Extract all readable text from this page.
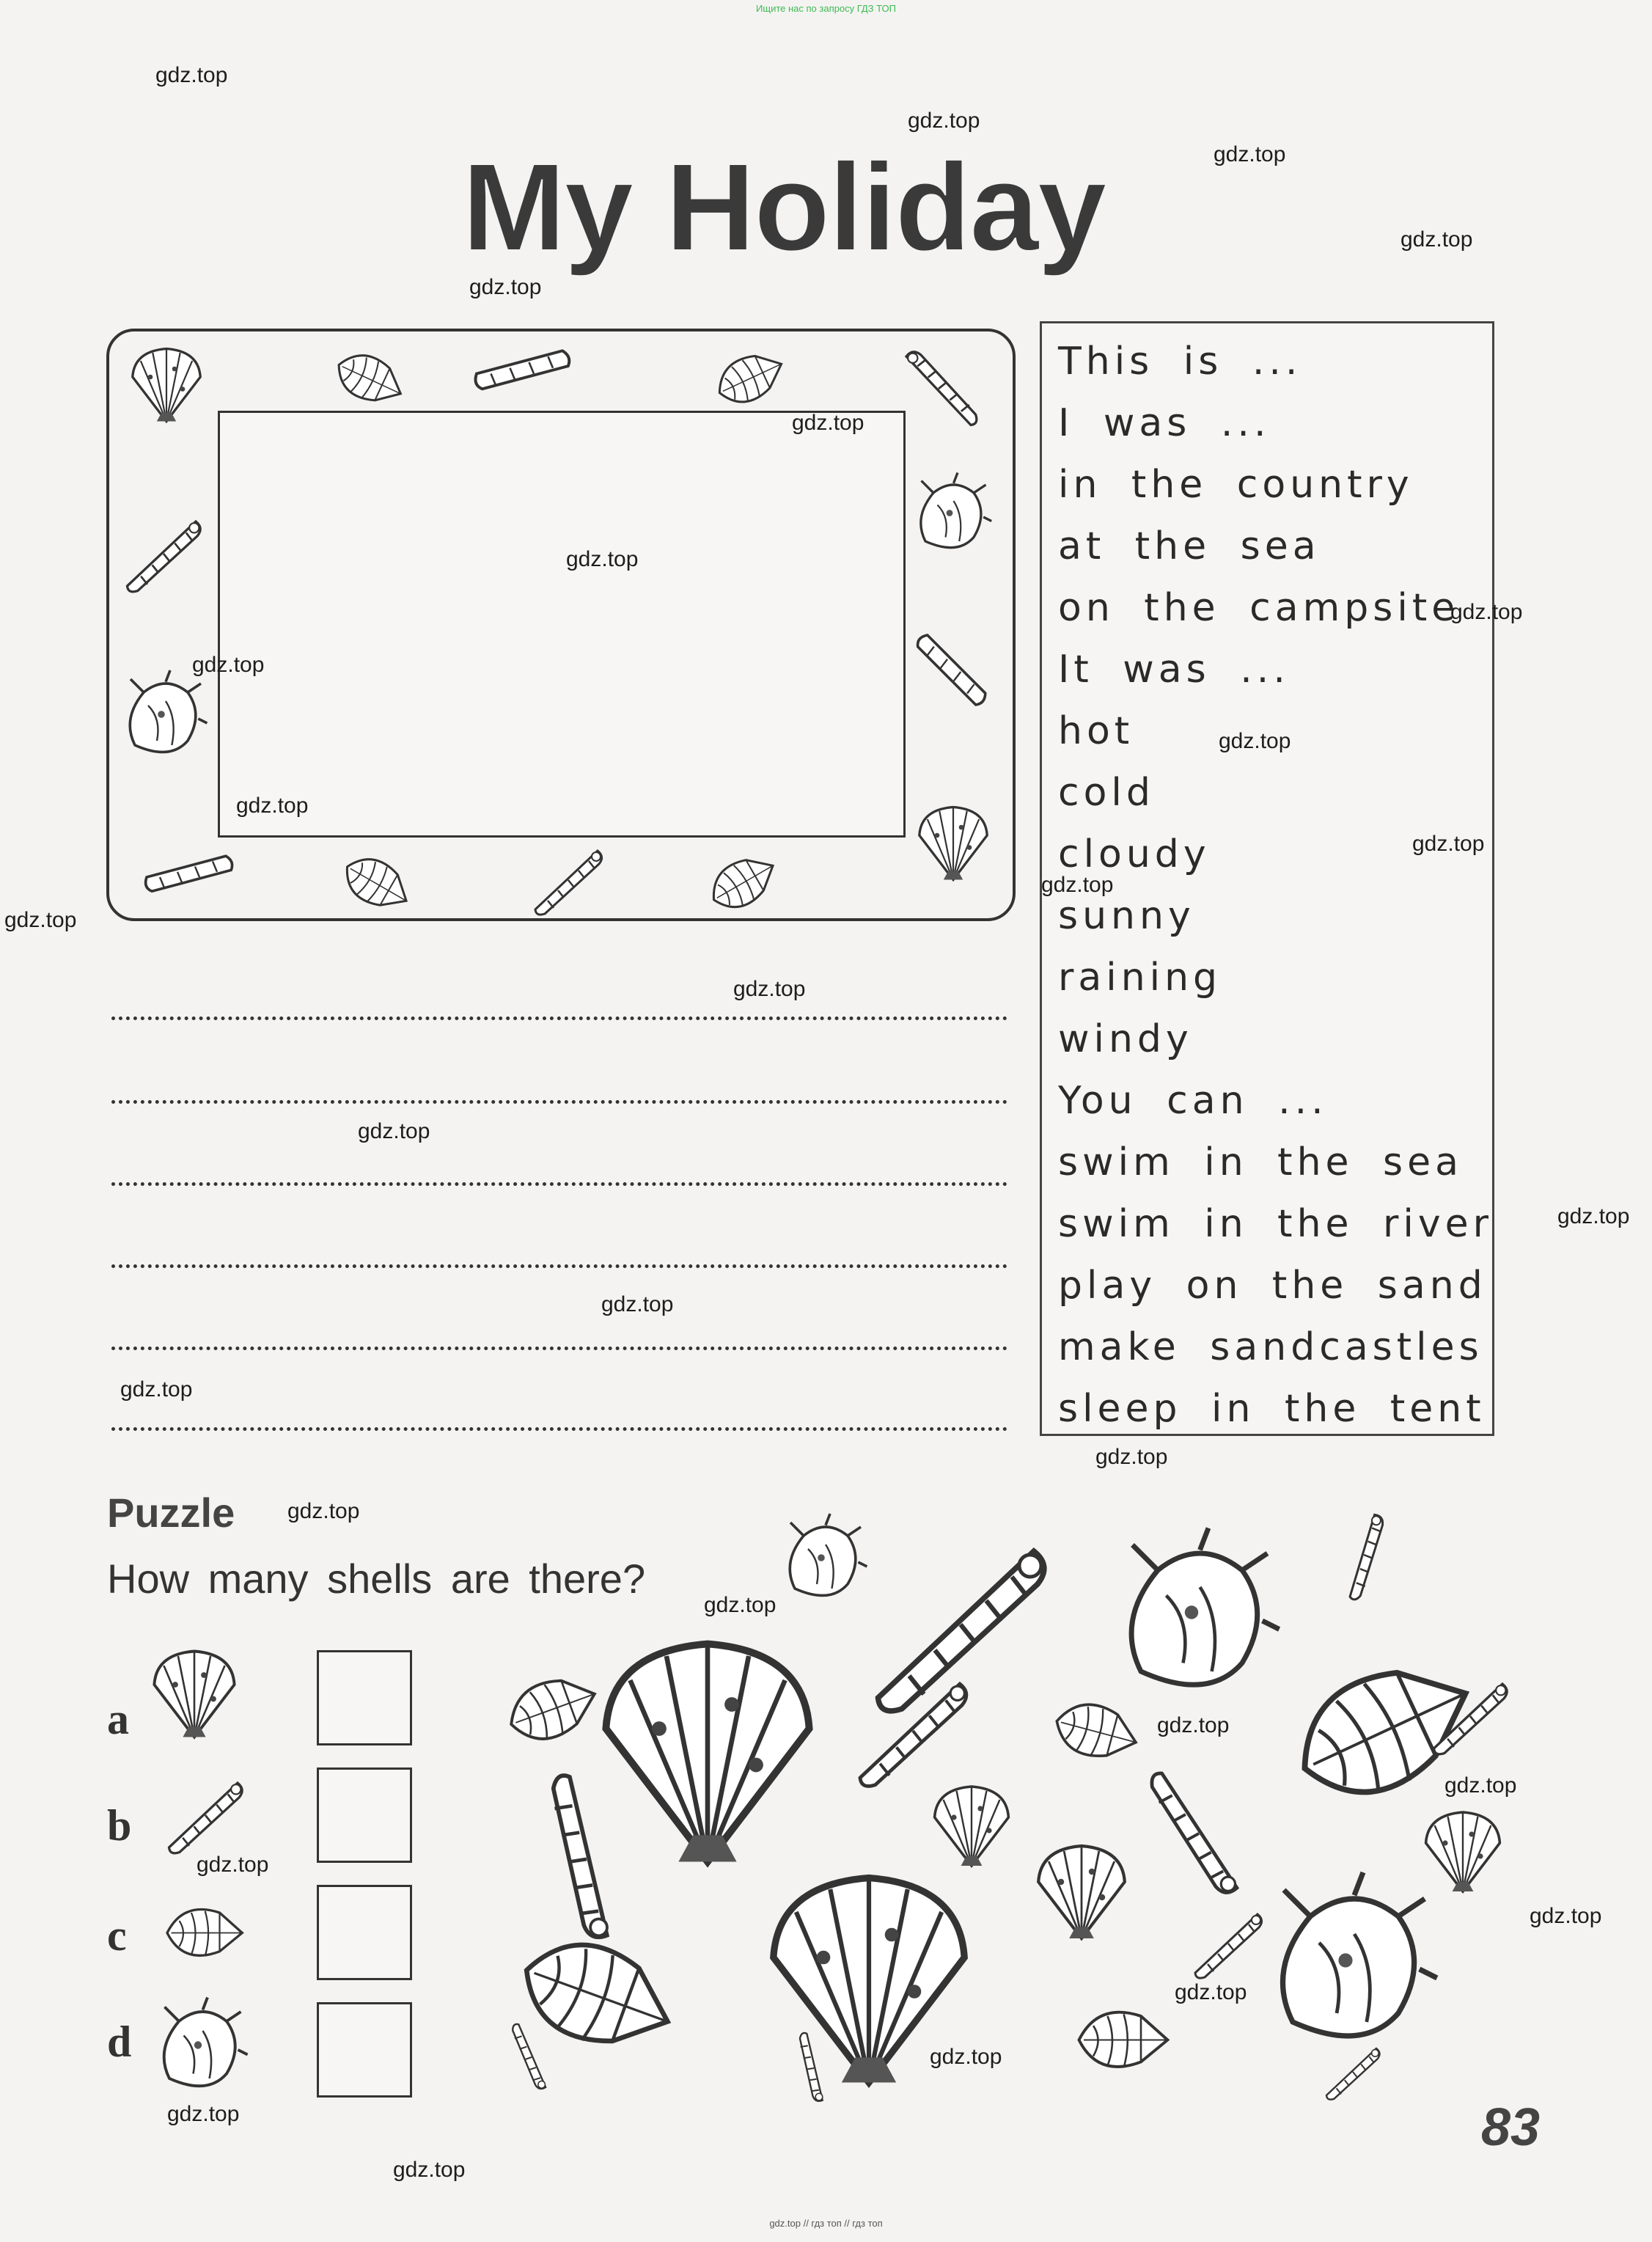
Ищите нас по запросу ГДЗ ТОП
My Holiday
This is ...
I was ...
in the country
at the sea
on the campsite
It was ...
hot
cold
cloudy
sunny
raining
windy
You can ...
swim in the sea
swim in the river
play on the sand
make sandcastles
sleep in the tent
Puzzle
How many shells are there?
a
b
c
d
83
gdz.top
gdz.top
gdz.top
gdz.top
gdz.top
gdz.top
gdz.top
gdz.top
gdz.top
gdz.top
gdz.top
gdz.top
gdz.top
gdz.top
gdz.top
gdz.top
gdz.top
gdz.top
gdz.top
gdz.top
gdz.top
gdz.top
gdz.top
gdz.top
gdz.top
gdz.top
gdz.top
gdz.top
gdz.top
gdz.top
gdz.top // гдз топ // гдз топ
